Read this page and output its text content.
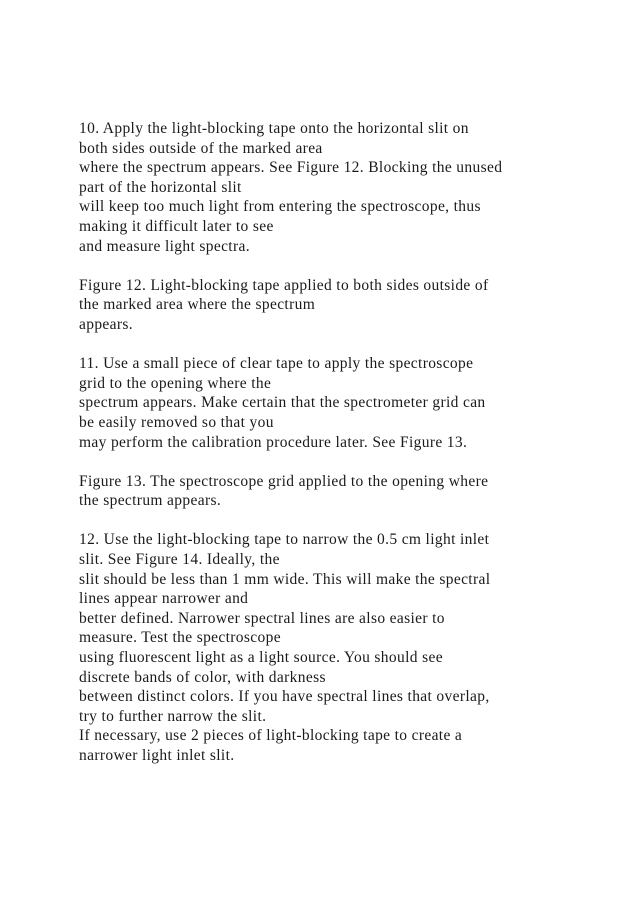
10. Apply the light-blocking tape onto the horizontal slit on
both sides outside of the marked area
where the spectrum appears. See Figure 12. Blocking the unused
part of the horizontal slit
will keep too much light from entering the spectroscope, thus
making it difficult later to see
and measure light spectra.
Figure 12. Light-blocking tape applied to both sides outside of
the marked area where the spectrum
appears.
11. Use a small piece of clear tape to apply the spectroscope
grid to the opening where the
spectrum appears. Make certain that the spectrometer grid can
be easily removed so that you
may perform the calibration procedure later. See Figure 13.
Figure 13. The spectroscope grid applied to the opening where
the spectrum appears.
12. Use the light-blocking tape to narrow the 0.5 cm light inlet
slit. See Figure 14. Ideally, the
slit should be less than 1 mm wide. This will make the spectral
lines appear narrower and
better defined. Narrower spectral lines are also easier to
measure. Test the spectroscope
using fluorescent light as a light source. You should see
discrete bands of color, with darkness
between distinct colors. If you have spectral lines that overlap,
try to further narrow the slit.
If necessary, use 2 pieces of light-blocking tape to create a
narrower light inlet slit.
